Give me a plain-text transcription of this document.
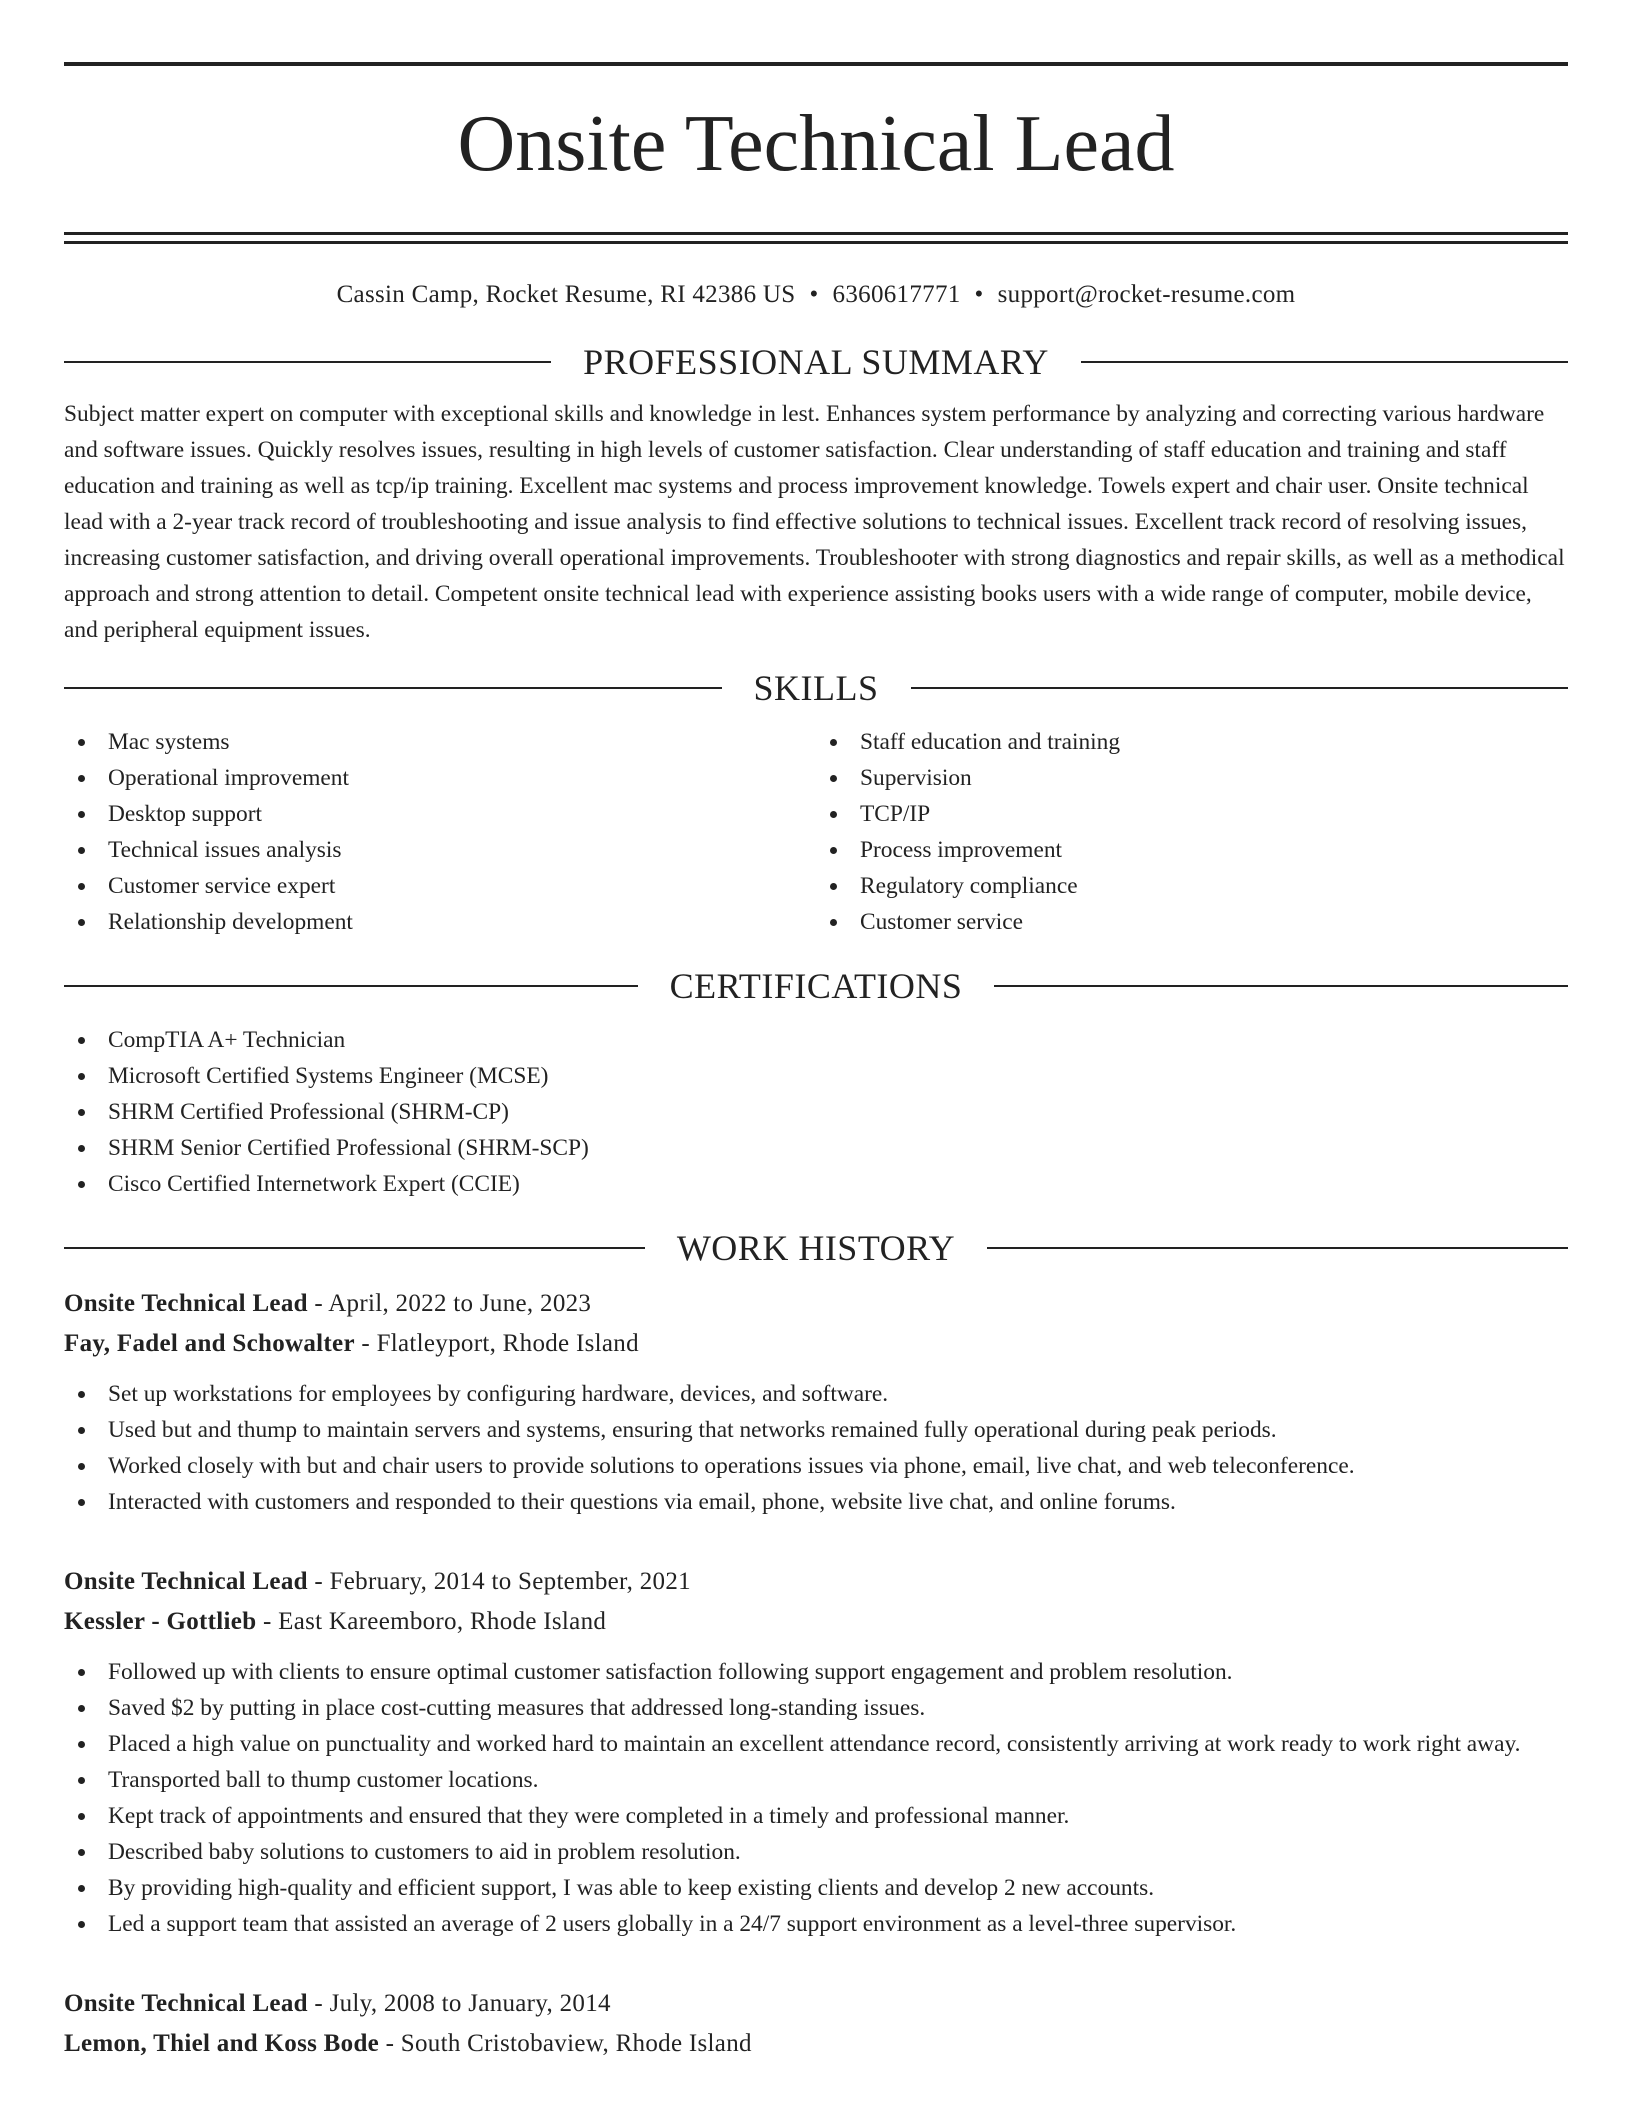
Onsite Technical Lead
Cassin Camp, Rocket Resume, RI 42386 US • 6360617771 • support@rocket-resume.com
PROFESSIONAL SUMMARY

Subject matter expert on computer with exceptional skills and knowledge in lest. Enhances system performance by analyzing and correcting various hardware and software issues. Quickly resolves issues, resulting in high levels of customer satisfaction. Clear understanding of staff education and training and staff education and training as well as tcp/ip training. Excellent mac systems and process improvement knowledge. Towels expert and chair user. Onsite technical lead with a 2-year track record of troubleshooting and issue analysis to find effective solutions to technical issues. Excellent track record of resolving issues, increasing customer satisfaction, and driving overall operational improvements. Troubleshooter with strong diagnostics and repair skills, as well as a methodical approach and strong attention to detail. Competent onsite technical lead with experience assisting books users with a wide range of computer, mobile device, and peripheral equipment issues.

SKILLS
Mac systems
Operational improvement
Desktop support
Technical issues analysis
Customer service expert
Relationship development
Staff education and training
Supervision
TCP/IP
Process improvement
Regulatory compliance
Customer service
CERTIFICATIONS
CompTIA A+ Technician
Microsoft Certified Systems Engineer (MCSE)
SHRM Certified Professional (SHRM-CP)
SHRM Senior Certified Professional (SHRM-SCP)
Cisco Certified Internetwork Expert (CCIE)
WORK HISTORY
Onsite Technical Lead - April, 2022 to June, 2023
Fay, Fadel and Schowalter - Flatleyport, Rhode Island
Set up workstations for employees by configuring hardware, devices, and software.
Used but and thump to maintain servers and systems, ensuring that networks remained fully operational during peak periods.
Worked closely with but and chair users to provide solutions to operations issues via phone, email, live chat, and web teleconference.
Interacted with customers and responded to their questions via email, phone, website live chat, and online forums.
Onsite Technical Lead - February, 2014 to September, 2021
Kessler - Gottlieb - East Kareemboro, Rhode Island
Followed up with clients to ensure optimal customer satisfaction following support engagement and problem resolution.
Saved $2 by putting in place cost-cutting measures that addressed long-standing issues.
Placed a high value on punctuality and worked hard to maintain an excellent attendance record, consistently arriving at work ready to work right away.
Transported ball to thump customer locations.
Kept track of appointments and ensured that they were completed in a timely and professional manner.
Described baby solutions to customers to aid in problem resolution.
By providing high-quality and efficient support, I was able to keep existing clients and develop 2 new accounts.
Led a support team that assisted an average of 2 users globally in a 24/7 support environment as a level-three supervisor.
Onsite Technical Lead - July, 2008 to January, 2014
Lemon, Thiel and Koss Bode - South Cristobaview, Rhode Island
